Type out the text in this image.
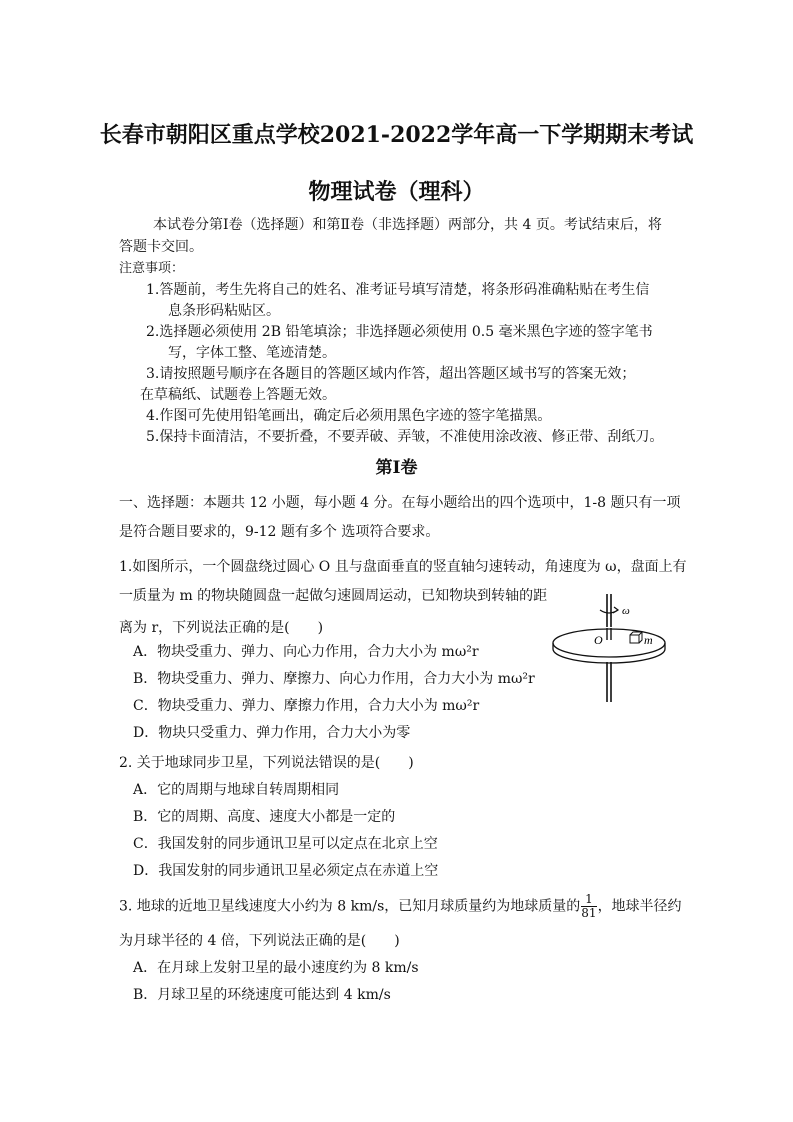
长春市朝阳区重点学校2021-2022学年高一下学期期末考试
物理试卷（理科）
本试卷分第Ⅰ卷（选择题）和第Ⅱ卷（非选择题）两部分，共 4 页。考试结束后，将
答题卡交回。
注意事项：
1.答题前，考生先将自己的姓名、准考证号填写清楚，将条形码准确粘贴在考生信
息条形码粘贴区。
2.选择题必须使用 2B 铅笔填涂；非选择题必须使用 0.5 毫米黑色字迹的签字笔书
写，字体工整、笔迹清楚。
3.请按照题号顺序在各题目的答题区域内作答，超出答题区域书写的答案无效；
在草稿纸、试题卷上答题无效。
4.作图可先使用铅笔画出，确定后必须用黑色字迹的签字笔描黑。
5.保持卡面清洁，不要折叠，不要弄破、弄皱，不准使用涂改液、修正带、刮纸刀。
第Ⅰ卷
一、选择题：本题共 12 小题，每小题 4 分。在每小题给出的四个选项中，1-8 题只有一项
是符合题目要求的，9-12 题有多个 选项符合要求。
1.如图所示，一个圆盘绕过圆心 O 且与盘面垂直的竖直轴匀速转动，角速度为 ω，盘面上有
一质量为 m 的物块随圆盘一起做匀速圆周运动，已知物块到转轴的距
离为 r，下列说法正确的是(　　)
A．物块受重力、弹力、向心力作用，合力大小为 mω²r
B．物块受重力、弹力、摩擦力、向心力作用，合力大小为 mω²r
C．物块受重力、弹力、摩擦力作用，合力大小为 mω²r
D．物块只受重力、弹力作用，合力大小为零
ω
O	m
2. 关于地球同步卫星，下列说法错误的是(　　)
A．它的周期与地球自转周期相同
B．它的周期、高度、速度大小都是一定的
C．我国发射的同步通讯卫星可以定点在北京上空
D．我国发射的同步通讯卫星必须定点在赤道上空
3. 地球的近地卫星线速度大小约为 8 km/s，已知月球质量约为地球质量的 $\frac{1}{81}$ ，地球半径约
为月球半径的 4 倍，下列说法正确的是(　　)
A．在月球上发射卫星的最小速度约为 8 km/s
B．月球卫星的环绕速度可能达到 4 km/s
